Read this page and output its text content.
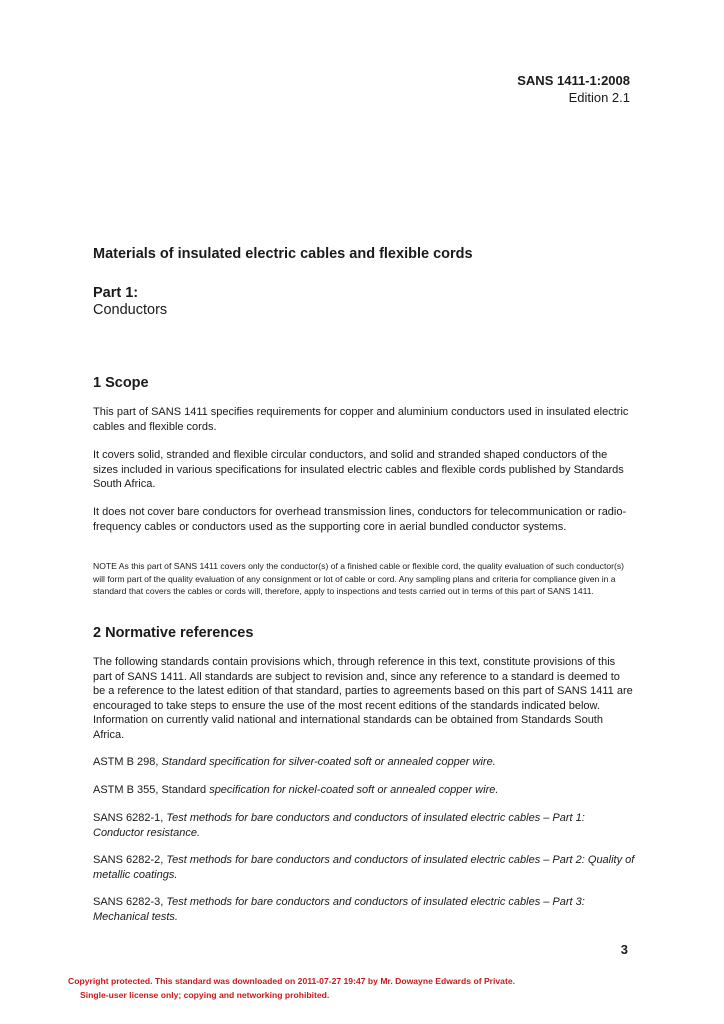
SANS 1411-1:2008
Edition 2.1
Materials of insulated electric cables and flexible cords
Part 1:
Conductors
1 Scope
This part of SANS 1411 specifies requirements for copper and aluminium conductors used in insulated electric cables and flexible cords.
It covers solid, stranded and flexible circular conductors, and solid and stranded shaped conductors of the sizes included in various specifications for insulated electric cables and flexible cords published by Standards South Africa.
It does not cover bare conductors for overhead transmission lines, conductors for telecommunication or radio-frequency cables or conductors used as the supporting core in aerial bundled conductor systems.
NOTE As this part of SANS 1411 covers only the conductor(s) of a finished cable or flexible cord, the quality evaluation of such conductor(s) will form part of the quality evaluation of any consignment or lot of cable or cord. Any sampling plans and criteria for compliance given in a standard that covers the cables or cords will, therefore, apply to inspections and tests carried out in terms of this part of SANS 1411.
2 Normative references
The following standards contain provisions which, through reference in this text, constitute provisions of this part of SANS 1411. All standards are subject to revision and, since any reference to a standard is deemed to be a reference to the latest edition of that standard, parties to agreements based on this part of SANS 1411 are encouraged to take steps to ensure the use of the most recent editions of the standards indicated below. Information on currently valid national and international standards can be obtained from Standards South Africa.
ASTM B 298, Standard specification for silver-coated soft or annealed copper wire.
ASTM B 355, Standard specification for nickel-coated soft or annealed copper wire.
SANS 6282-1, Test methods for bare conductors and conductors of insulated electric cables – Part 1: Conductor resistance.
SANS 6282-2, Test methods for bare conductors and conductors of insulated electric cables – Part 2: Quality of metallic coatings.
SANS 6282-3, Test methods for bare conductors and conductors of insulated electric cables – Part 3: Mechanical tests.
3
Copyright protected. This standard was downloaded on 2011-07-27 19:47 by Mr. Dowayne Edwards of Private.
Single-user license only; copying and networking prohibited.
